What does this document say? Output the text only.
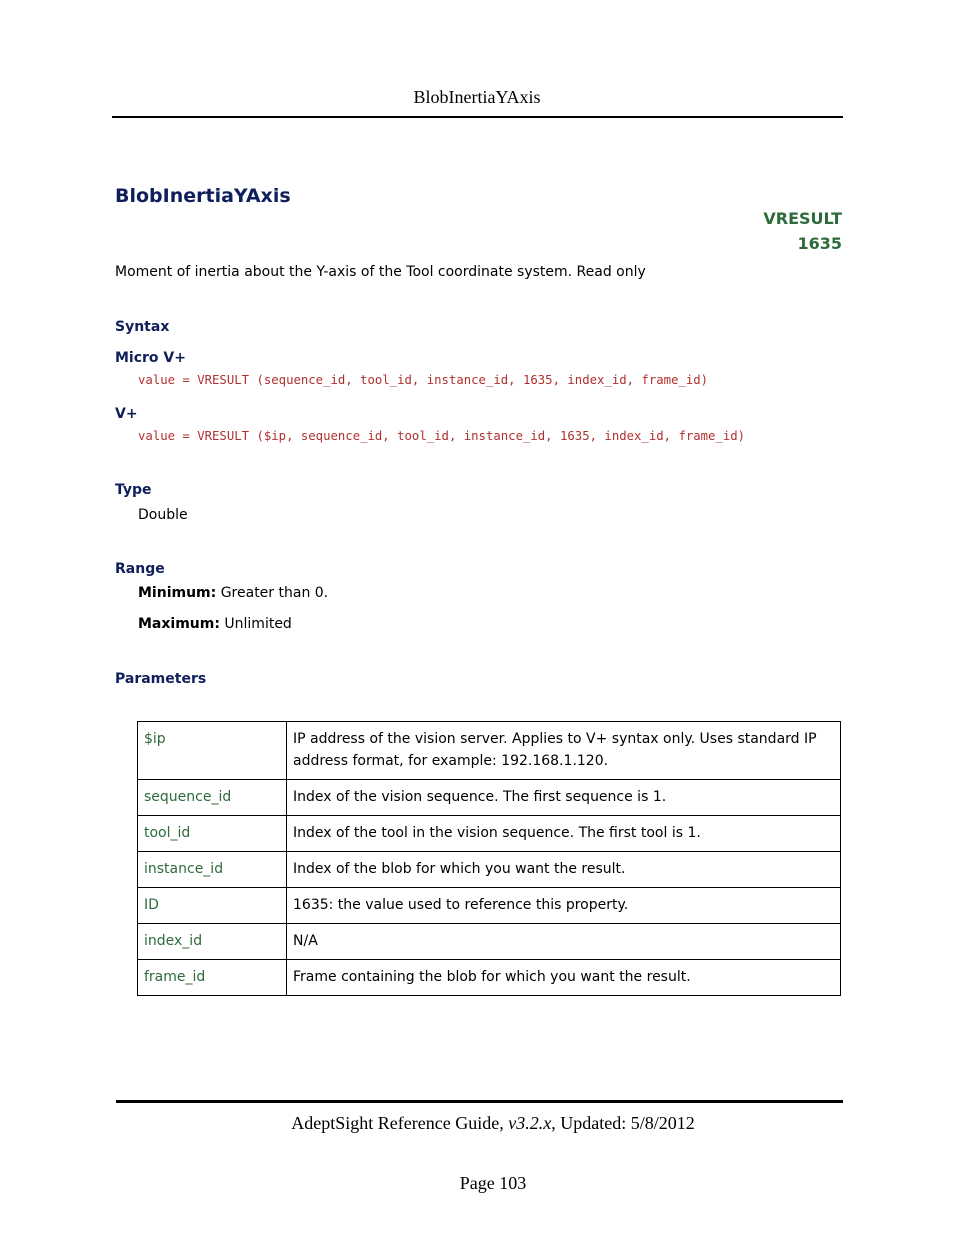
BlobInertiaYAxis
BlobInertiaYAxis
VRESULT
1635
Moment of inertia about the Y-axis of the Tool coordinate system. Read only
Syntax
Micro V+
value = VRESULT (sequence_id, tool_id, instance_id, 1635, index_id, frame_id)
V+
value = VRESULT ($ip, sequence_id, tool_id, instance_id, 1635, index_id, frame_id)
Type
Double
Range
Minimum: Greater than 0.
Maximum: Unlimited
Parameters
$ip	IP address of the vision server. Applies to V+ syntax only. Uses standard IP address format, for example: 192.168.1.120.
sequence_id	Index of the vision sequence. The first sequence is 1.
tool_id	Index of the tool in the vision sequence. The first tool is 1.
instance_id	Index of the blob for which you want the result.
ID	1635: the value used to reference this property.
index_id	N/A
frame_id	Frame containing the blob for which you want the result.
AdeptSight Reference Guide, v3.2.x, Updated: 5/8/2012
Page 103
